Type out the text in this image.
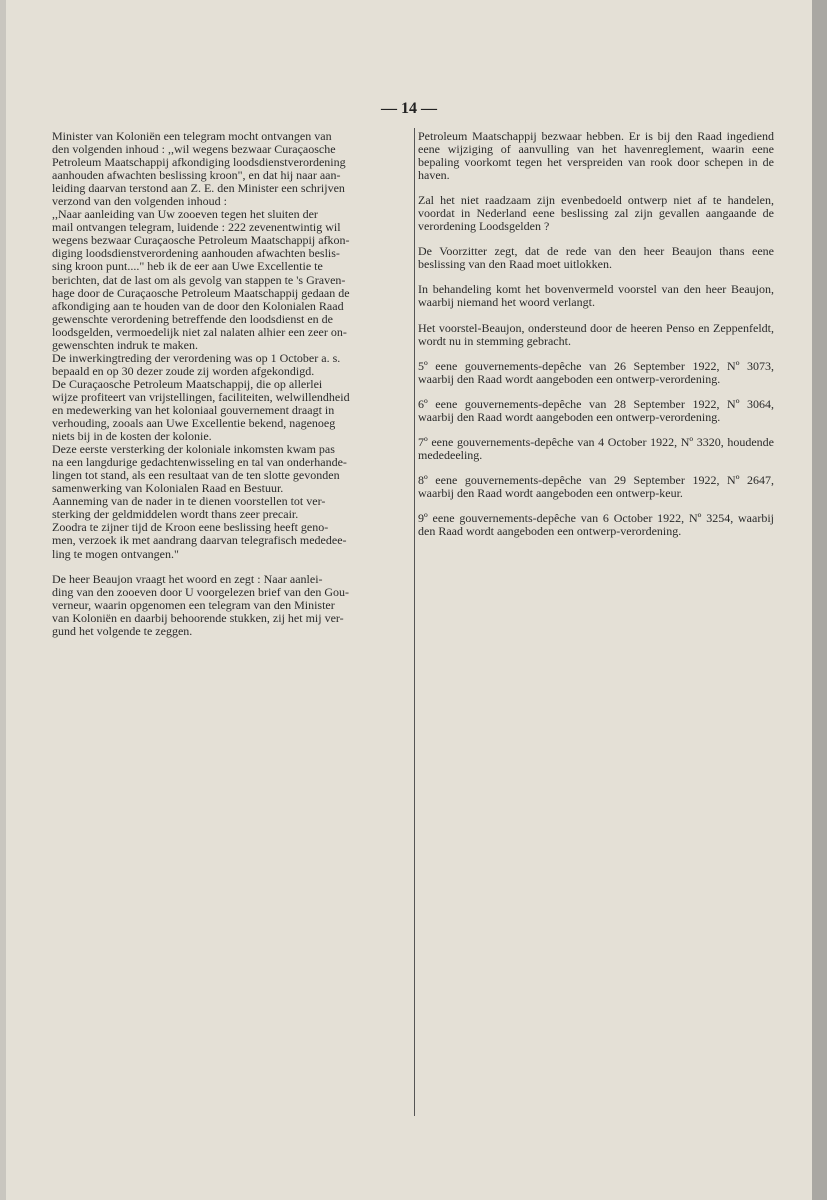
— 14 —

Minister van Koloniën een telegram mocht ontvangen van

den volgenden inhoud : ,,wil wegens bezwaar Curaçaosche

Petroleum Maatschappij afkondiging loodsdienstverordening

aanhouden afwachten beslissing kroon", en dat hij naar aan-

leiding daarvan terstond aan Z. E. den Minister een schrijven

verzond van den volgenden inhoud :

,,Naar aanleiding van Uw zooeven tegen het sluiten der

mail ontvangen telegram, luidende : 222 zevenentwintig wil

wegens bezwaar Curaçaosche Petroleum Maatschappij afkon-

diging loodsdienstverordening aanhouden afwachten beslis-

sing kroon punt...." heb ik de eer aan Uwe Excellentie te

berichten, dat de last om als gevolg van stappen te 's Graven-

hage door de Curaçaosche Petroleum Maatschappij gedaan de

afkondiging aan te houden van de door den Kolonialen Raad

gewenschte verordening betreffende den loodsdienst en de

loodsgelden, vermoedelijk niet zal nalaten alhier een zeer on-

gewenschten indruk te maken.

De inwerkingtreding der verordening was op 1 October a. s.

bepaald en op 30 dezer zoude zij worden afgekondigd.

De Curaçaosche Petroleum Maatschappij, die op allerlei

wijze profiteert van vrijstellingen, faciliteiten, welwillendheid

en medewerking van het koloniaal gouvernement draagt in

verhouding, zooals aan Uwe Excellentie bekend, nagenoeg

niets bij in de kosten der kolonie.

Deze eerste versterking der koloniale inkomsten kwam pas

na een langdurige gedachtenwisseling en tal van onderhande-

lingen tot stand, als een resultaat van de ten slotte gevonden

samenwerking van Kolonialen Raad en Bestuur.

Aanneming van de nader in te dienen voorstellen tot ver-

sterking der geldmiddelen wordt thans zeer precair.

Zoodra te zijner tijd de Kroon eene beslissing heeft geno-

men, verzoek ik met aandrang daarvan telegrafisch mededee-

ling te mogen ontvangen."

De heer Beaujon vraagt het woord en zegt : Naar aanlei-

ding van den zooeven door U voorgelezen brief van den Gou-

verneur, waarin opgenomen een telegram van den Minister

van Koloniën en daarbij behoorende stukken, zij het mij ver-

gund het volgende te zeggen.

Petroleum Maatschappij bezwaar hebben. Er is bij den Raad ingediend eene wijziging of aanvulling van het havenreglement, waarin eene bepaling voorkomt tegen het verspreiden van rook door schepen in de haven.

Zal het niet raadzaam zijn evenbedoeld ontwerp niet af te handelen, voordat in Nederland eene beslissing zal zijn gevallen aangaande de verordening Loodsgelden ?

De Voorzitter zegt, dat de rede van den heer Beaujon thans eene beslissing van den Raad moet uitlokken.

In behandeling komt het bovenvermeld voorstel van den heer Beaujon, waarbij niemand het woord verlangt.

Het voorstel-Beaujon, ondersteund door de heeren Penso en Zeppenfeldt, wordt nu in stemming gebracht.

5º eene gouvernements-depêche van 26 September 1922, Nº 3073, waarbij den Raad wordt aangeboden een ontwerp-verordening.

6º eene gouvernements-depêche van 28 September 1922, Nº 3064, waarbij den Raad wordt aangeboden een ontwerp-verordening.

7º eene gouvernements-depêche van 4 October 1922, Nº 3320, houdende mededeeling.

8º eene gouvernements-depêche van 29 September 1922, Nº 2647, waarbij den Raad wordt aangeboden een ontwerp-keur.

9º eene gouvernements-depêche van 6 October 1922, Nº 3254, waarbij den Raad wordt aangeboden een ontwerp-verordening.
